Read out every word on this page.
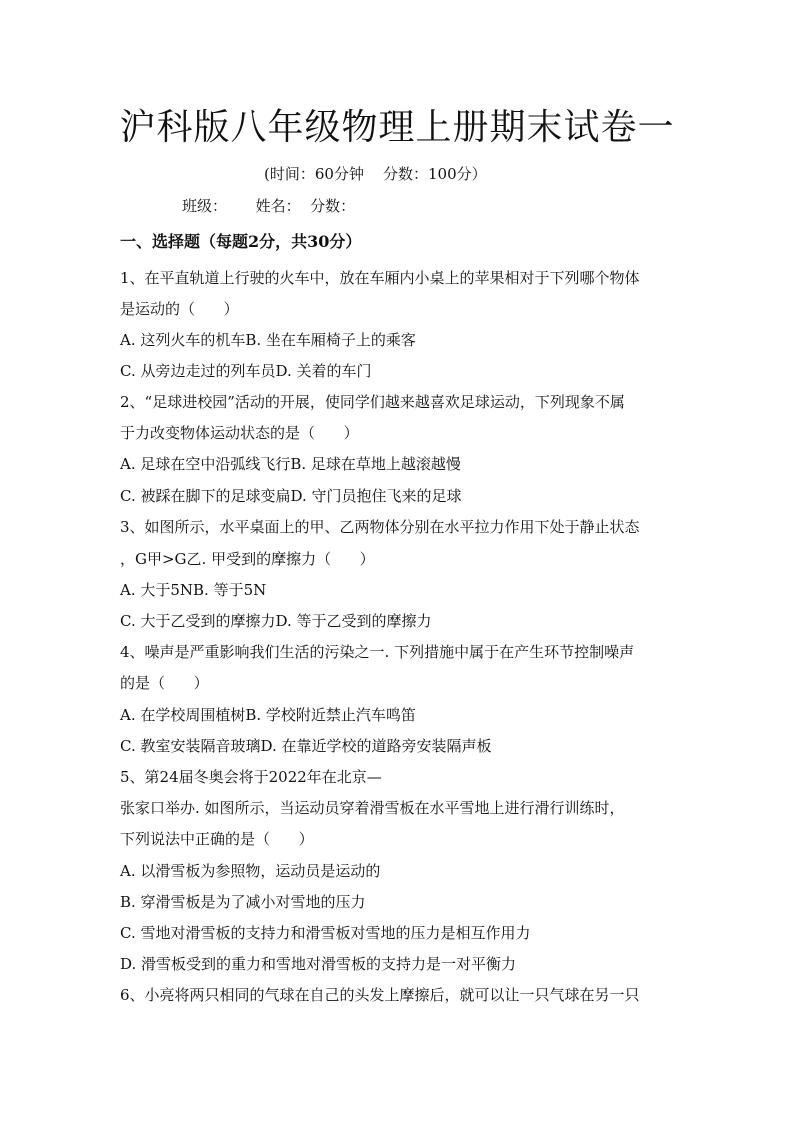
沪科版八年级物理上册期末试卷一
(时间：60分钟    分数：100分）
班级：      姓名：  分数：
一、选择题（每题2分，共30分）
1、在平直轨道上行驶的火车中，放在车厢内小桌上的苹果相对于下列哪个物体
是运动的（      ）
A. 这列火车的机车B. 坐在车厢椅子上的乘客
C. 从旁边走过的列车员D. 关着的车门
2、“足球进校园”活动的开展，使同学们越来越喜欢足球运动，下列现象不属
于力改变物体运动状态的是（      ）
A. 足球在空中沿弧线飞行B. 足球在草地上越滚越慢
C. 被踩在脚下的足球变扁D. 守门员抱住飞来的足球
3、如图所示，水平桌面上的甲、乙两物体分别在水平拉力作用下处于静止状态
，G甲>G乙. 甲受到的摩擦力（      ）
A. 大于5NB. 等于5N
C. 大于乙受到的摩擦力D. 等于乙受到的摩擦力
4、噪声是严重影响我们生活的污染之一. 下列措施中属于在产生环节控制噪声
的是（      ）
A. 在学校周围植树B. 学校附近禁止汽车鸣笛
C. 教室安装隔音玻璃D. 在靠近学校的道路旁安装隔声板
5、第24届冬奥会将于2022年在北京—
张家口举办. 如图所示，当运动员穿着滑雪板在水平雪地上进行滑行训练时，
下列说法中正确的是（      ）
A. 以滑雪板为参照物，运动员是运动的
B. 穿滑雪板是为了减小对雪地的压力
C. 雪地对滑雪板的支持力和滑雪板对雪地的压力是相互作用力
D. 滑雪板受到的重力和雪地对滑雪板的支持力是一对平衡力
6、小亮将两只相同的气球在自己的头发上摩擦后，就可以让一只气球在另一只
